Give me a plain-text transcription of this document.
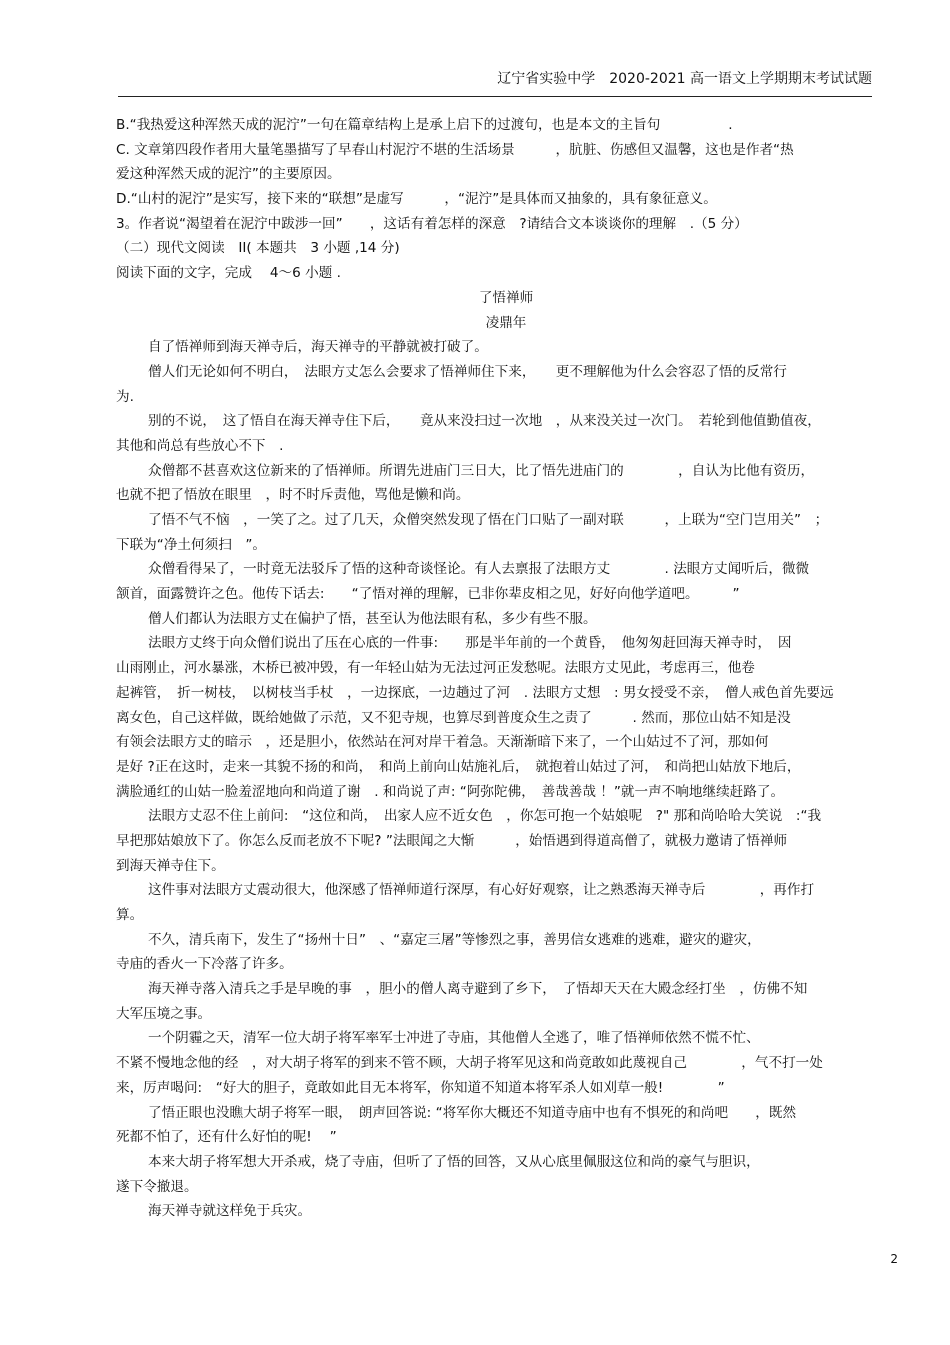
辽宁省实验中学　2020-2021 高一语文上学期期末考试试题
B.“我热爱这种浑然天成的泥泞”一句在篇章结构上是承上启下的过渡句，也是本文的主旨句　　　　　.
C. 文章第四段作者用大量笔墨描写了早春山村泥泞不堪的生活场景　　　，肮脏、伤感但又温馨，这也是作者“热
爱这种浑然天成的泥泞”的主要原因。
D.“山村的泥泞”是实写，接下来的“联想”是虚写　　　，“泥泞”是具体而又抽象的，具有象征意义。
3。作者说“渴望着在泥泞中跋涉一回”　　，这话有着怎样的深意　?请结合文本谈谈你的理解　.（5 分）
（二）现代文阅读　II( 本题共　3 小题 ,14 分)
阅读下面的文字，完成　 4～6 小题 .
了悟禅师
凌鼎年
自了悟禅师到海天禅寺后，海天禅寺的平静就被打破了。
僧人们无论如何不明白，　法眼方丈怎么会要求了悟禅师住下来，　　更不理解他为什么会容忍了悟的反常行
为.
别的不说，　这了悟自在海天禅寺住下后，　　竟从来没扫过一次地　，从来没关过一次门。　若轮到他值勤值夜，
其他和尚总有些放心不下　.
众僧都不甚喜欢这位新来的了悟禅师。所谓先进庙门三日大，比了悟先进庙门的　　　　，自认为比他有资历，
也就不把了悟放在眼里　，时不时斥责他，骂他是懒和尚。
了悟不气不恼　，一笑了之。过了几天，众僧突然发现了悟在门口贴了一副对联　　　，上联为“空门岂用关”　；
下联为“净土何须扫　”。
众僧看得呆了，一时竟无法驳斥了悟的这种奇谈怪论。有人去禀报了法眼方丈　　　　. 法眼方丈闻听后，微微
颔首，面露赞许之色。他传下话去:　　“了悟对禅的理解，已非你辈皮相之见，好好向他学道吧。　　　”
僧人们都认为法眼方丈在偏护了悟，甚至认为他法眼有私，多少有些不服。
法眼方丈终于向众僧们说出了压在心底的一件事:　　那是半年前的一个黄昏，　他匆匆赶回海天禅寺时，　因
山雨刚止，河水暴涨，木桥已被冲毁，有一年轻山姑为无法过河正发愁呢。法眼方丈见此，考虑再三，他卷
起裤管，　折一树枝，　以树枝当手杖　，一边探底，一边趟过了河　. 法眼方丈想　: 男女授受不亲，　僧人戒色首先要远
离女色，自己这样做，既给她做了示范，又不犯寺规，也算尽到普度众生之责了　　　. 然而，那位山姑不知是没
有领会法眼方丈的暗示　，还是胆小，依然站在河对岸干着急。天渐渐暗下来了，一个山姑过不了河，那如何
是好 ?正在这时，走来一其貌不扬的和尚，　和尚上前向山姑施礼后，　就抱着山姑过了河，　和尚把山姑放下地后，
满脸通红的山姑一脸羞涩地向和尚道了谢　. 和尚说了声: “阿弥陀佛，　善哉善哉 ！”就一声不响地继续赶路了。
法眼方丈忍不住上前问:　“这位和尚，　出家人应不近女色　，你怎可抱一个姑娘呢　?" 那和尚哈哈大笑说　:“我
早把那姑娘放下了。你怎么反而老放不下呢? ”法眼闻之大惭　　　，始悟遇到得道高僧了，就极力邀请了悟禅师
到海天禅寺住下。
这件事对法眼方丈震动很大，他深感了悟禅师道行深厚，有心好好观察，让之熟悉海天禅寺后　　　　，再作打
算。
不久，清兵南下，发生了“扬州十日”　、“嘉定三屠”等惨烈之事，善男信女逃难的逃难，避灾的避灾，
寺庙的香火一下冷落了许多。
海天禅寺落入清兵之手是早晚的事　，胆小的僧人离寺避到了乡下，　了悟却天天在大殿念经打坐　，仿佛不知
大军压境之事。
一个阴霾之天，清军一位大胡子将军率军士冲进了寺庙，其他僧人全逃了，唯了悟禅师依然不慌不忙、
不紧不慢地念他的经　，对大胡子将军的到来不管不顾，大胡子将军见这和尚竟敢如此蔑视自己　　　　，气不打一处
来，厉声喝问:　“好大的胆子，竟敢如此目无本将军，你知道不知道本将军杀人如刈草一般!　　　　”
了悟正眼也没瞧大胡子将军一眼，　朗声回答说: “将军你大概还不知道寺庙中也有不惧死的和尚吧　　，既然
死都不怕了，还有什么好怕的呢!　 ”
本来大胡子将军想大开杀戒，烧了寺庙，但听了了悟的回答，又从心底里佩服这位和尚的豪气与胆识，
遂下令撤退。
海天禅寺就这样免于兵灾。
2
